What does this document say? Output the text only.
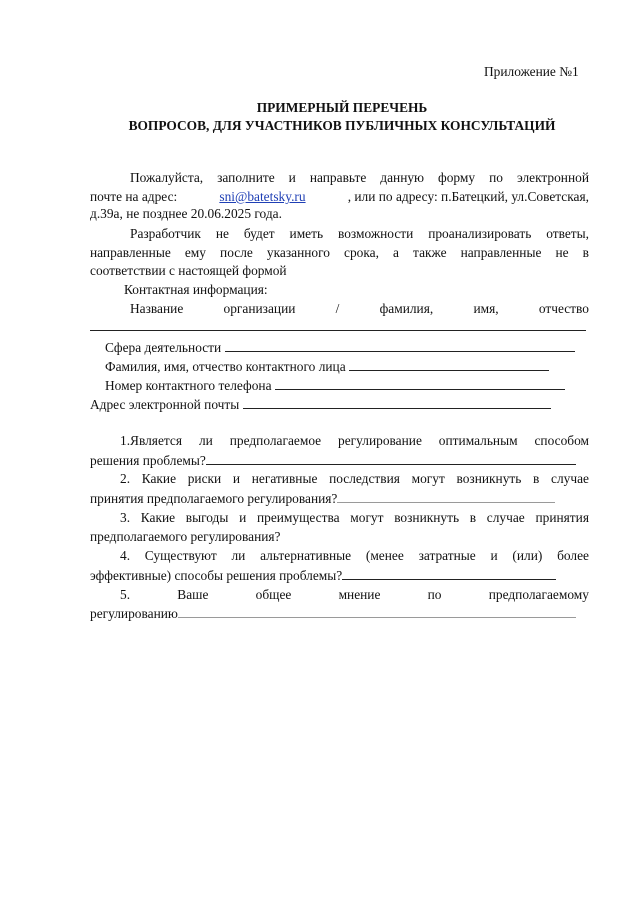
Приложение №1
ПРИМЕРНЫЙ ПЕРЕЧЕНЬ
ВОПРОСОВ, ДЛЯ УЧАСТНИКОВ ПУБЛИЧНЫХ КОНСУЛЬТАЦИЙ
Пожалуйста, заполните и направьте данную форму по электронной
почте на адрес:	sni@batetsky.ru	, или по адресу: п.Батецкий, ул.Советская,
д.39а, не позднее 20.06.2025 года.
Разработчик не будет иметь возможности проанализировать ответы,
направленные ему после указанного срока, а также направленные не в
соответствии с настоящей формой
Контактная информация:
Название	организации	/	фамилия,	имя,	отчество
Сфера деятельности
Фамилия, имя, отчество контактного лица
Номер контактного телефона
Адрес электронной почты
1.Является ли предполагаемое регулирование оптимальным способом
решения проблемы?
2. Какие риски и негативные последствия могут возникнуть в случае
принятия предполагаемого регулирования?
3. Какие выгоды и преимущества могут возникнуть в случае принятия
предполагаемого регулирования?
4. Существуют ли альтернативные (менее затратные и (или) более
эффективные) способы решения проблемы?
5.	Ваше	общее	мнение	по	предполагаемому
регулированию
